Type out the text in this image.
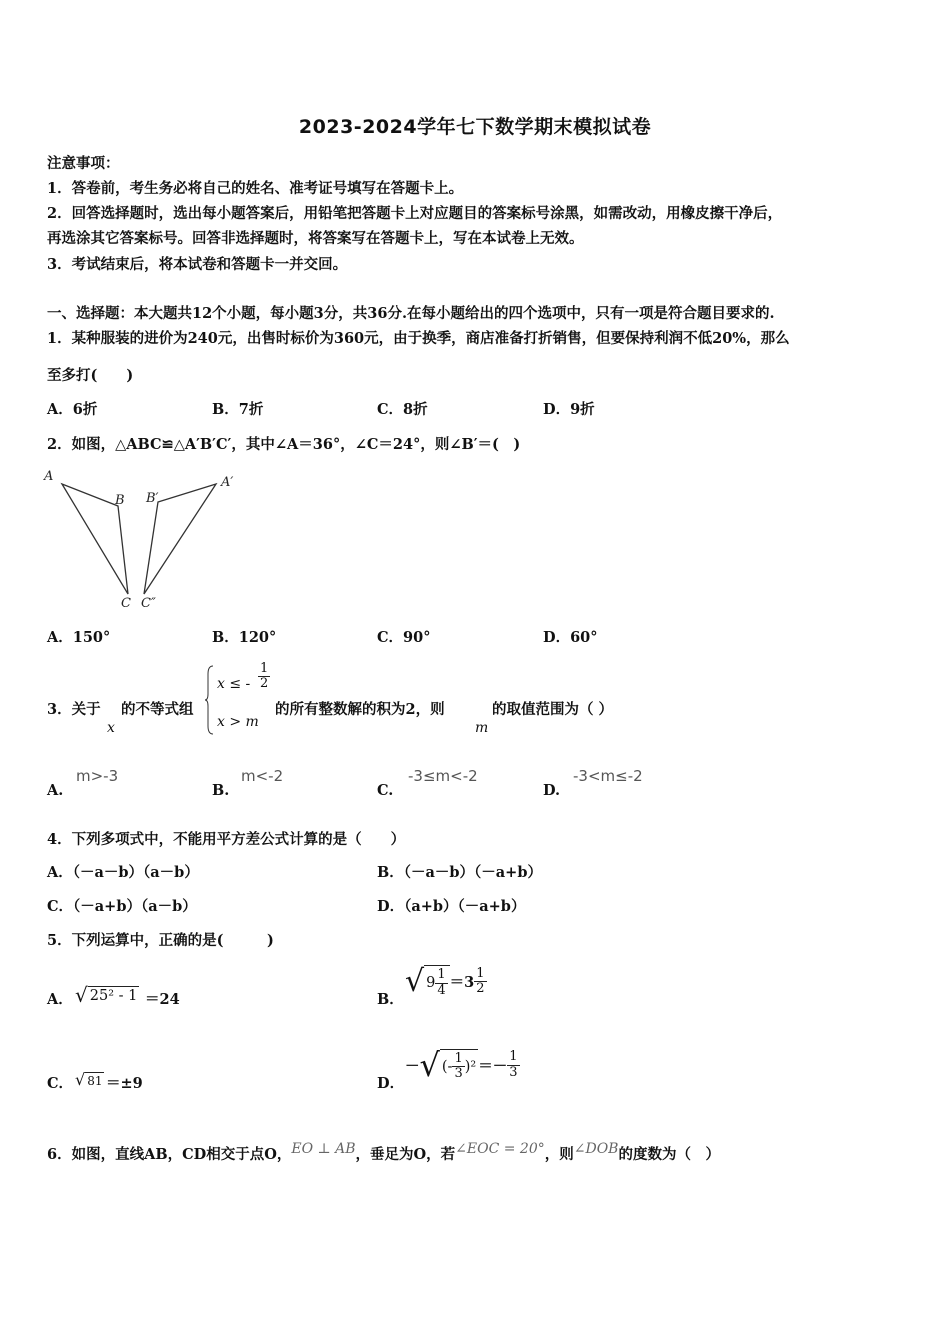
2023-2024学年七下数学期末模拟试卷
注意事项：
1．答卷前，考生务必将自己的姓名、准考证号填写在答题卡上。
2．回答选择题时，选出每小题答案后，用铅笔把答题卡上对应题目的答案标号涂黑，如需改动，用橡皮擦干净后，
再选涂其它答案标号。回答非选择题时，将答案写在答题卡上，写在本试卷上无效。
3．考试结束后，将本试卷和答题卡一并交回。
一、选择题：本大题共12个小题，每小题3分，共36分.在每小题给出的四个选项中，只有一项是符合题目要求的.
1．某种服装的进价为240元，出售时标价为360元，由于换季，商店准备打折销售，但要保持利润不低20%，那么
至多打(　　)
A．6折	B．7折	C．8折	D．9折
2．如图，△ABC≌△A′B′C′，其中∠A＝36°，∠C＝24°，则∠B′＝(　)
A
B
C
B′
A′
C″
A．150°	B．120°	C．90°	D．60°
3．关于
x
的不等式组
x ≤ - $\frac{1}{2}$
x > m
的所有整数解的积为2，则
m
的取值范围为（ ）
A.
m>-3
B.
m<-2
C.
-3≤m<-2
D.
-3<m≤-2
4．下列多项式中，不能用平方差公式计算的是（　　）
A．（－a－b）（a－b）	B．（－a－b）（－a+b）
C．（－a+b）（a－b）	D．（a+b）（－a+b）
5．下列运算中，正确的是(　　　)
A． √ 25² - 1 ＝24	B．
√ $9 \frac{1}{4} =3 \frac{1}{2}$
C． √ 81 ＝±9	D．
－ √ (- $\frac{1}{3} )^2 =- \frac{1}{3}$
6．如图，直线AB，CD相交于点O， EO ⊥ AB ，垂足为O，若 ∠EOC = 20° ，则 ∠DOB 的度数为（　）
